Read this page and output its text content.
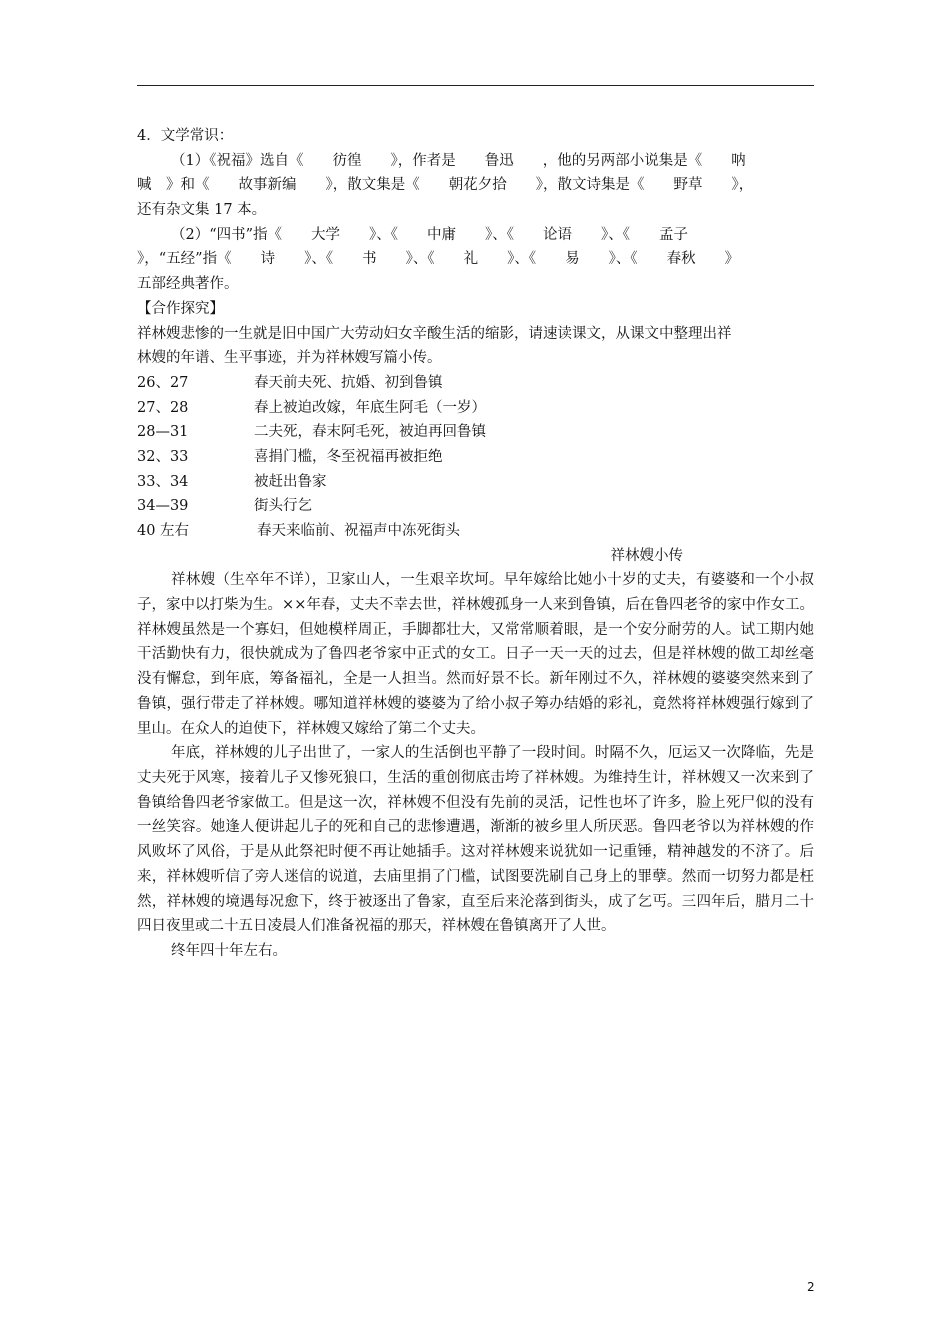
4．文学常识：
（1）《祝福》选自《　　彷徨　　》，作者是　　鲁迅　　，他的另两部小说集是《　　呐
喊　》和《　　故事新编　　》，散文集是《　　朝花夕拾　　》，散文诗集是《　　野草　　》，
还有杂文集 17 本。
（2）“四书”指《　　大学　　》、《　　中庸　　》、《　　论语　　》、《　　孟子
》，“五经”指《　　诗　　》、《　　书　　》、《　　礼　　》、《　　易　　》、《　　春秋　　》
五部经典著作。
【合作探究】
祥林嫂悲惨的一生就是旧中国广大劳动妇女辛酸生活的缩影，请速读课文，从课文中整理出祥
林嫂的年谱、生平事迹，并为祥林嫂写篇小传。
26、27	春天前夫死、抗婚、初到鲁镇
27、28	春上被迫改嫁，年底生阿毛（一岁）
28—31	二夫死，春末阿毛死，被迫再回鲁镇
32、33	喜捐门槛，冬至祝福再被拒绝
33、34	被赶出鲁家
34—39	街头行乞
40 左右	春天来临前、祝福声中冻死街头
祥林嫂小传

祥林嫂（生卒年不详），卫家山人，一生艰辛坎坷。早年嫁给比她小十岁的丈夫，有婆婆和一个小叔子，家中以打柴为生。××年春，丈夫不幸去世，祥林嫂孤身一人来到鲁镇，后在鲁四老爷的家中作女工。祥林嫂虽然是一个寡妇，但她模样周正，手脚都壮大，又常常顺着眼，是一个安分耐劳的人。试工期内她干活勤快有力，很快就成为了鲁四老爷家中正式的女工。日子一天一天的过去，但是祥林嫂的做工却丝毫没有懈怠，到年底，筹备福礼，全是一人担当。然而好景不长。新年刚过不久，祥林嫂的婆婆突然来到了鲁镇，强行带走了祥林嫂。哪知道祥林嫂的婆婆为了给小叔子筹办结婚的彩礼，竟然将祥林嫂强行嫁到了里山。在众人的迫使下，祥林嫂又嫁给了第二个丈夫。

年底，祥林嫂的儿子出世了，一家人的生活倒也平静了一段时间。时隔不久，厄运又一次降临，先是丈夫死于风寒，接着儿子又惨死狼口，生活的重创彻底击垮了祥林嫂。为维持生计，祥林嫂又一次来到了鲁镇给鲁四老爷家做工。但是这一次，祥林嫂不但没有先前的灵活，记性也坏了许多，脸上死尸似的没有一丝笑容。她逢人便讲起儿子的死和自己的悲惨遭遇，渐渐的被乡里人所厌恶。鲁四老爷以为祥林嫂的作风败坏了风俗，于是从此祭祀时便不再让她插手。这对祥林嫂来说犹如一记重锤，精神越发的不济了。后来，祥林嫂听信了旁人迷信的说道，去庙里捐了门槛，试图要洗刷自己身上的罪孽。然而一切努力都是枉然，祥林嫂的境遇每况愈下，终于被逐出了鲁家，直至后来沦落到街头，成了乞丐。三四年后，腊月二十四日夜里或二十五日凌晨人们准备祝福的那天，祥林嫂在鲁镇离开了人世。

终年四十年左右。

2
